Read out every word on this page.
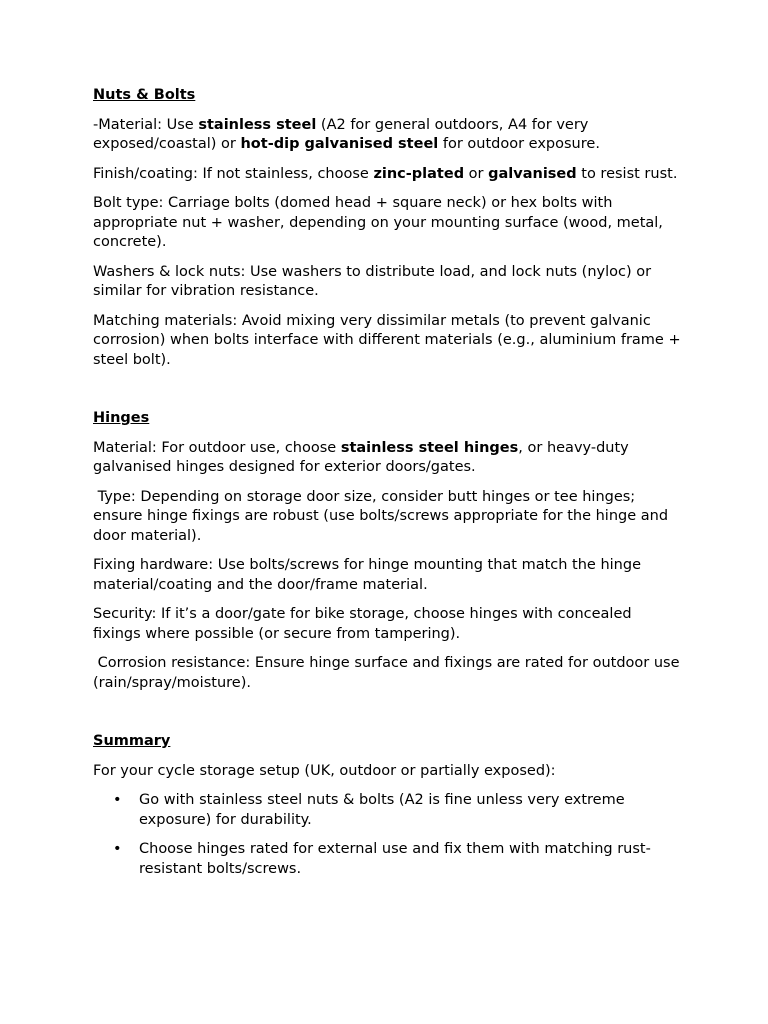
Nuts & Bolts
-Material: Use stainless steel (A2 for general outdoors, A4 for very exposed/coastal) or hot-dip galvanised steel for outdoor exposure.
Finish/coating: If not stainless, choose zinc-plated or galvanised to resist rust.
Bolt type: Carriage bolts (domed head + square neck) or hex bolts with appropriate nut + washer, depending on your mounting surface (wood, metal, concrete).
Washers & lock nuts: Use washers to distribute load, and lock nuts (nyloc) or similar for vibration resistance.
Matching materials: Avoid mixing very dissimilar metals (to prevent galvanic corrosion) when bolts interface with different materials (e.g., aluminium frame + steel bolt).
Hinges
Material: For outdoor use, choose stainless steel hinges, or heavy-duty galvanised hinges designed for exterior doors/gates.
Type: Depending on storage door size, consider butt hinges or tee hinges; ensure hinge fixings are robust (use bolts/screws appropriate for the hinge and door material).
Fixing hardware: Use bolts/screws for hinge mounting that match the hinge material/coating and the door/frame material.
Security: If it’s a door/gate for bike storage, choose hinges with concealed fixings where possible (or secure from tampering).
Corrosion resistance: Ensure hinge surface and fixings are rated for outdoor use (rain/spray/moisture).
Summary
For your cycle storage setup (UK, outdoor or partially exposed):
• Go with stainless steel nuts & bolts (A2 is fine unless very extreme exposure) for durability.
• Choose hinges rated for external use and fix them with matching rust-resistant bolts/screws.
